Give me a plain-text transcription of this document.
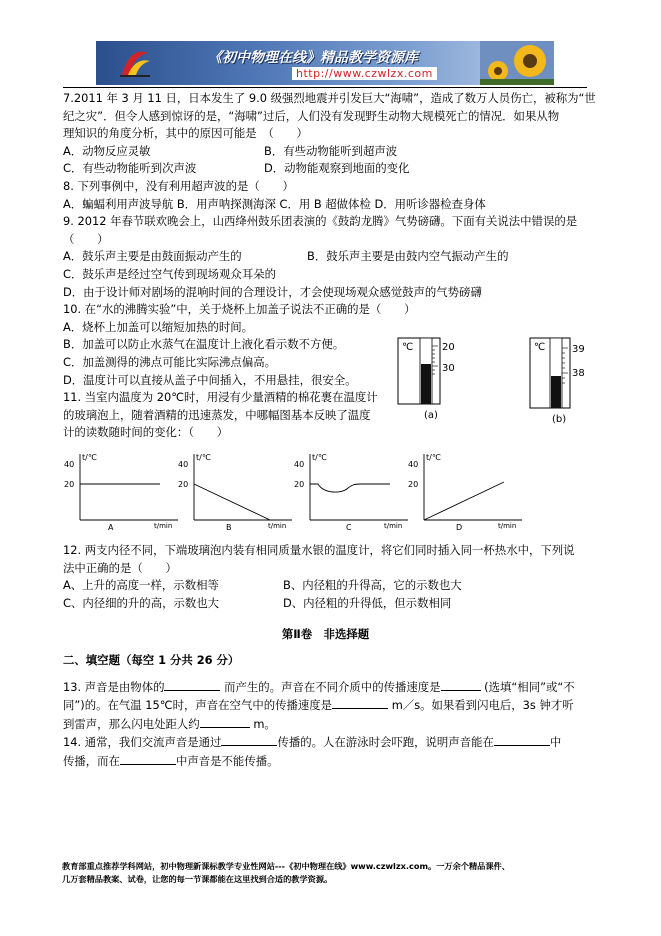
《初中物理在线》精品教学资源库
http://www.czwlzx.com

7.2011 年 3 月 11 日，日本发生了 9.0 级强烈地震并引发巨大“海啸”，造成了数万人员伤亡，被称为“世

纪之灾”．但令人感到惊讶的是，“海啸”过后，人们没有发现野生动物大规模死亡的情况．如果从物

理知识的角度分析，其中的原因可能是　（　　）

A．动物反应灵敏	B．有些动物能听到超声波

C．有些动物能听到次声波	D．动物能观察到地面的变化

8. 下列事例中，没有利用超声波的是（　　）

A．蝙蝠利用声波导航 B．用声呐探测海深 C．用 B 超做体检 D．用听诊器检查身体

9. 2012 年春节联欢晚会上，山西绛州鼓乐团表演的《鼓韵龙腾》气势磅礴。下面有关说法中错误的是

（　　）

A．鼓乐声主要是由鼓面振动产生的	B．鼓乐声主要是由鼓内空气振动产生的

C．鼓乐声是经过空气传到现场观众耳朵的

D．由于设计师对剧场的混响时间的合理设计，才会使现场观众感觉鼓声的气势磅礴

10. 在“水的沸腾实验”中，关于烧杯上加盖子说法不正确的是（　　）

A．烧杯上加盖可以缩短加热的时间。

B．加盖可以防止水蒸气在温度计上液化看示数不方便。

C．加盖测得的沸点可能比实际沸点偏高。

D．温度计可以直接从盖子中间插入，不用悬挂，很安全。

11. 当室内温度为 20℃时，用浸有少量酒精的棉花裹在温度计

的玻璃泡上，随着酒精的迅速蒸发，中哪幅图基本反映了温度

计的读数随时间的变化：（　　）

℃	20
30
(a)
℃	39
38
(b)
t/℃
40
20
t/min
A
t/℃
40
20
t/min
B
t/℃
40
20
t/min
C
t/℃
40
20
t/min
D

12. 两支内径不同，下端玻璃泡内装有相同质量水银的温度计，将它们同时插入同一杯热水中，下列说

法中正确的是（　　）

A、上升的高度一样，示数相等	B、内径粗的升得高，它的示数也大

C、内径细的升的高，示数也大	D、内径粗的升得低，但示数相同

第Ⅱ卷　非选择题

二、填空题（每空 1 分共 26 分）

13. 声音是由物体的	而产生的。声音在不同介质中的传播速度是	(选填“相同”或“不

同”)的。在气温 15℃时，声音在空气中的传播速度是	m／s。如果看到闪电后，3s 钟才听

到雷声，那么闪电处距人约	m。

14. 通常，我们交流声音是通过	传播的。人在游泳时会吓跑，说明声音能在	中

传播，而在	中声音是不能传播。

教育部重点推荐学科网站，初中物理新课标教学专业性网站---《初中物理在线》www.czwlzx.com。一万余个精品课件、
几万套精品教案、试卷，让您的每一节课都能在这里找到合适的教学资源。
